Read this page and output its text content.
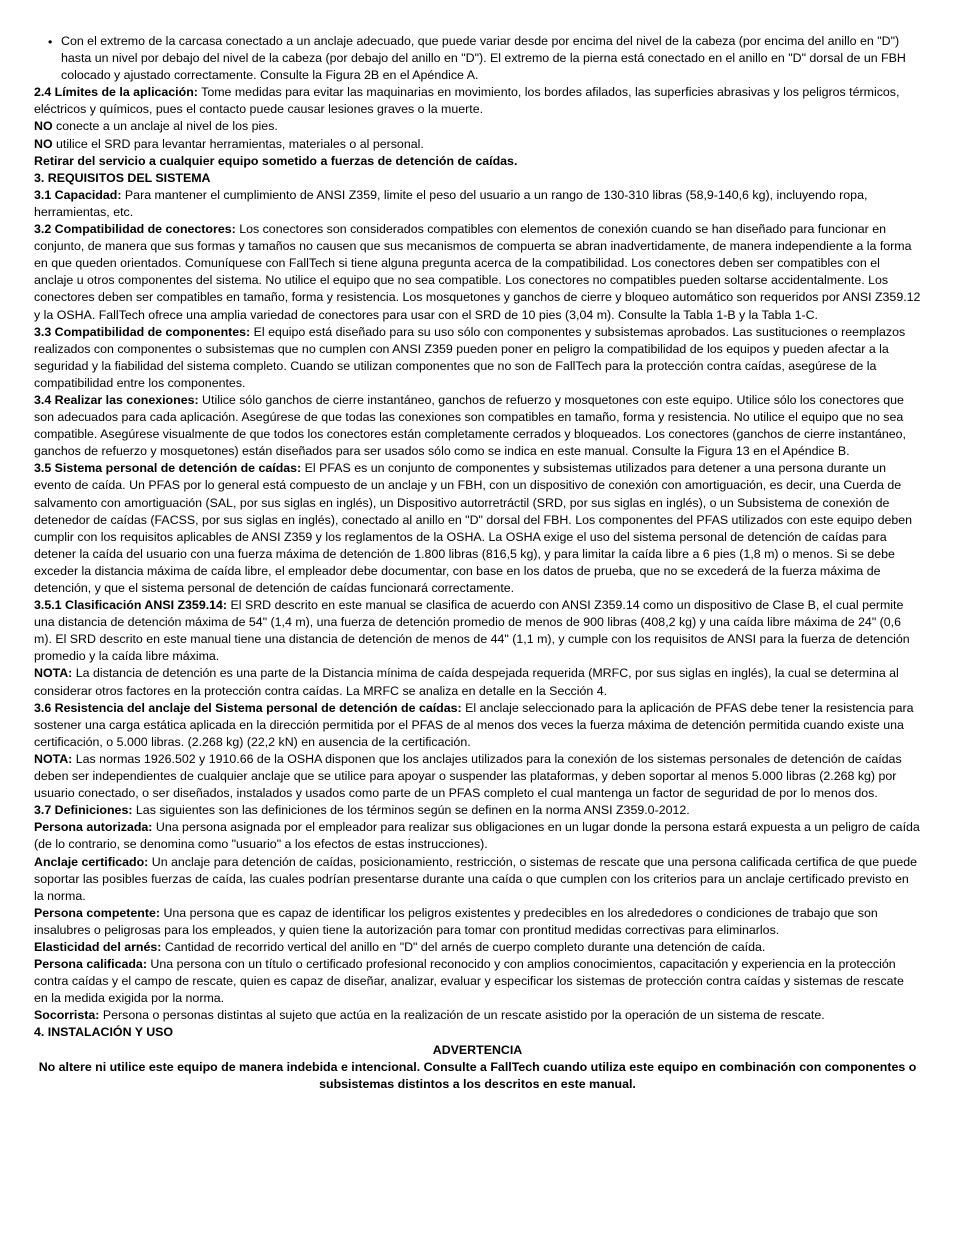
• Con el extremo de la carcasa conectado a un anclaje adecuado, que puede variar desde por encima del nivel de la cabeza (por encima del anillo en "D") hasta un nivel por debajo del nivel de la cabeza (por debajo del anillo en "D"). El extremo de la pierna está conectado en el anillo en "D" dorsal de un FBH colocado y ajustado correctamente. Consulte la Figura 2B en el Apéndice A.

2.4 Límites de la aplicación: Tome medidas para evitar las maquinarias en movimiento, los bordes afilados, las superficies abrasivas y los peligros térmicos, eléctricos y químicos, pues el contacto puede causar lesiones graves o la muerte.

NO conecte a un anclaje al nivel de los pies.

NO utilice el SRD para levantar herramientas, materiales o al personal.

Retirar del servicio a cualquier equipo sometido a fuerzas de detención de caídas.

3. REQUISITOS DEL SISTEMA

3.1 Capacidad: Para mantener el cumplimiento de ANSI Z359, limite el peso del usuario a un rango de 130-310 libras (58,9-140,6 kg), incluyendo ropa, herramientas, etc.

3.2 Compatibilidad de conectores: Los conectores son considerados compatibles con elementos de conexión cuando se han diseñado para funcionar en conjunto, de manera que sus formas y tamaños no causen que sus mecanismos de compuerta se abran inadvertidamente, de manera independiente a la forma en que queden orientados. Comuníquese con FallTech si tiene alguna pregunta acerca de la compatibilidad. Los conectores deben ser compatibles con el anclaje u otros componentes del sistema. No utilice el equipo que no sea compatible. Los conectores no compatibles pueden soltarse accidentalmente. Los conectores deben ser compatibles en tamaño, forma y resistencia. Los mosquetones y ganchos de cierre y bloqueo automático son requeridos por ANSI Z359.12 y la OSHA. FallTech ofrece una amplia variedad de conectores para usar con el SRD de 10 pies (3,04 m). Consulte la Tabla 1-B y la Tabla 1-C.

3.3 Compatibilidad de componentes: El equipo está diseñado para su uso sólo con componentes y subsistemas aprobados. Las sustituciones o reemplazos realizados con componentes o subsistemas que no cumplen con ANSI Z359 pueden poner en peligro la compatibilidad de los equipos y pueden afectar a la seguridad y la fiabilidad del sistema completo. Cuando se utilizan componentes que no son de FallTech para la protección contra caídas, asegúrese de la compatibilidad entre los componentes.

3.4 Realizar las conexiones: Utilice sólo ganchos de cierre instantáneo, ganchos de refuerzo y mosquetones con este equipo. Utilice sólo los conectores que son adecuados para cada aplicación. Asegúrese de que todas las conexiones son compatibles en tamaño, forma y resistencia. No utilice el equipo que no sea compatible. Asegúrese visualmente de que todos los conectores están completamente cerrados y bloqueados. Los conectores (ganchos de cierre instantáneo, ganchos de refuerzo y mosquetones) están diseñados para ser usados sólo como se indica en este manual. Consulte la Figura 13 en el Apéndice B.

3.5 Sistema personal de detención de caídas: El PFAS es un conjunto de componentes y subsistemas utilizados para detener a una persona durante un evento de caída. Un PFAS por lo general está compuesto de un anclaje y un FBH, con un dispositivo de conexión con amortiguación, es decir, una Cuerda de salvamento con amortiguación (SAL, por sus siglas en inglés), un Dispositivo autorretráctil (SRD, por sus siglas en inglés), o un Subsistema de conexión de detenedor de caídas (FACSS, por sus siglas en inglés), conectado al anillo en "D" dorsal del FBH. Los componentes del PFAS utilizados con este equipo deben cumplir con los requisitos aplicables de ANSI Z359 y los reglamentos de la OSHA. La OSHA exige el uso del sistema personal de detención de caídas para detener la caída del usuario con una fuerza máxima de detención de 1.800 libras (816,5 kg), y para limitar la caída libre a 6 pies (1,8 m) o menos. Si se debe exceder la distancia máxima de caída libre, el empleador debe documentar, con base en los datos de prueba, que no se excederá de la fuerza máxima de detención, y que el sistema personal de detención de caídas funcionará correctamente.

3.5.1 Clasificación ANSI Z359.14: El SRD descrito en este manual se clasifica de acuerdo con ANSI Z359.14 como un dispositivo de Clase B, el cual permite una distancia de detención máxima de 54" (1,4 m), una fuerza de detención promedio de menos de 900 libras (408,2 kg) y una caída libre máxima de 24" (0,6 m). El SRD descrito en este manual tiene una distancia de detención de menos de 44" (1,1 m), y cumple con los requisitos de ANSI para la fuerza de detención promedio y la caída libre máxima.

NOTA: La distancia de detención es una parte de la Distancia mínima de caída despejada requerida (MRFC, por sus siglas en inglés), la cual se determina al considerar otros factores en la protección contra caídas. La MRFC se analiza en detalle en la Sección 4.

3.6 Resistencia del anclaje del Sistema personal de detención de caídas: El anclaje seleccionado para la aplicación de PFAS debe tener la resistencia para sostener una carga estática aplicada en la dirección permitida por el PFAS de al menos dos veces la fuerza máxima de detención permitida cuando existe una certificación, o 5.000 libras. (2.268 kg) (22,2 kN) en ausencia de la certificación.

NOTA: Las normas 1926.502 y 1910.66 de la OSHA disponen que los anclajes utilizados para la conexión de los sistemas personales de detención de caídas deben ser independientes de cualquier anclaje que se utilice para apoyar o suspender las plataformas, y deben soportar al menos 5.000 libras (2.268 kg) por usuario conectado, o ser diseñados, instalados y usados como parte de un PFAS completo el cual mantenga un factor de seguridad de por lo menos dos.

3.7 Definiciones: Las siguientes son las definiciones de los términos según se definen en la norma ANSI Z359.0-2012.

Persona autorizada: Una persona asignada por el empleador para realizar sus obligaciones en un lugar donde la persona estará expuesta a un peligro de caída (de lo contrario, se denomina como "usuario" a los efectos de estas instrucciones).

Anclaje certificado: Un anclaje para detención de caídas, posicionamiento, restricción, o sistemas de rescate que una persona calificada certifica de que puede soportar las posibles fuerzas de caída, las cuales podrían presentarse durante una caída o que cumplen con los criterios para un anclaje certificado previsto en la norma.

Persona competente: Una persona que es capaz de identificar los peligros existentes y predecibles en los alrededores o condiciones de trabajo que son insalubres o peligrosas para los empleados, y quien tiene la autorización para tomar con prontitud medidas correctivas para eliminarlos.

Elasticidad del arnés: Cantidad de recorrido vertical del anillo en "D" del arnés de cuerpo completo durante una detención de caída.

Persona calificada: Una persona con un título o certificado profesional reconocido y con amplios conocimientos, capacitación y experiencia en la protección contra caídas y el campo de rescate, quien es capaz de diseñar, analizar, evaluar y especificar los sistemas de protección contra caídas y sistemas de rescate en la medida exigida por la norma.

Socorrista: Persona o personas distintas al sujeto que actúa en la realización de un rescate asistido por la operación de un sistema de rescate.

4. INSTALACIÓN Y USO

ADVERTENCIA

No altere ni utilice este equipo de manera indebida e intencional. Consulte a FallTech cuando utiliza este equipo en combinación con componentes o subsistemas distintos a los descritos en este manual.
